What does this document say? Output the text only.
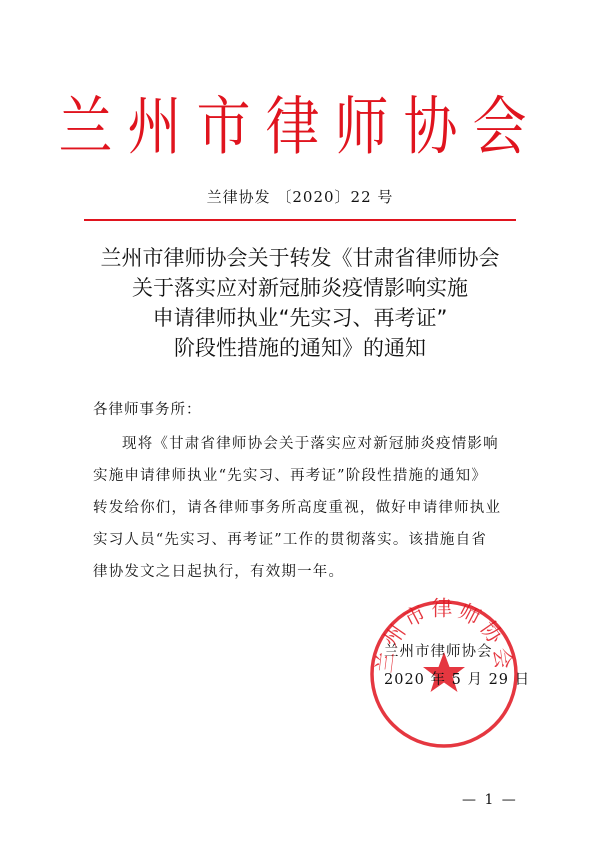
兰州市律师协会
兰律协发 〔2020〕22 号
兰州市律师协会关于转发《甘肃省律师协会
关于落实应对新冠肺炎疫情影响实施
申请律师执业“先实习、再考证”
阶段性措施的通知》的通知
各律师事务所：
现将《甘肃省律师协会关于落实应对新冠肺炎疫情影响
实施申请律师执业“先实习、再考证”阶段性措施的通知》
转发给你们，请各律师事务所高度重视，做好申请律师执业
实习人员“先实习、再考证”工作的贯彻落实。该措施自省
律协发文之日起执行，有效期一年。
兰州市律师协会
兰州市律师协会
2020 年 5 月 29 日
— 1 —
